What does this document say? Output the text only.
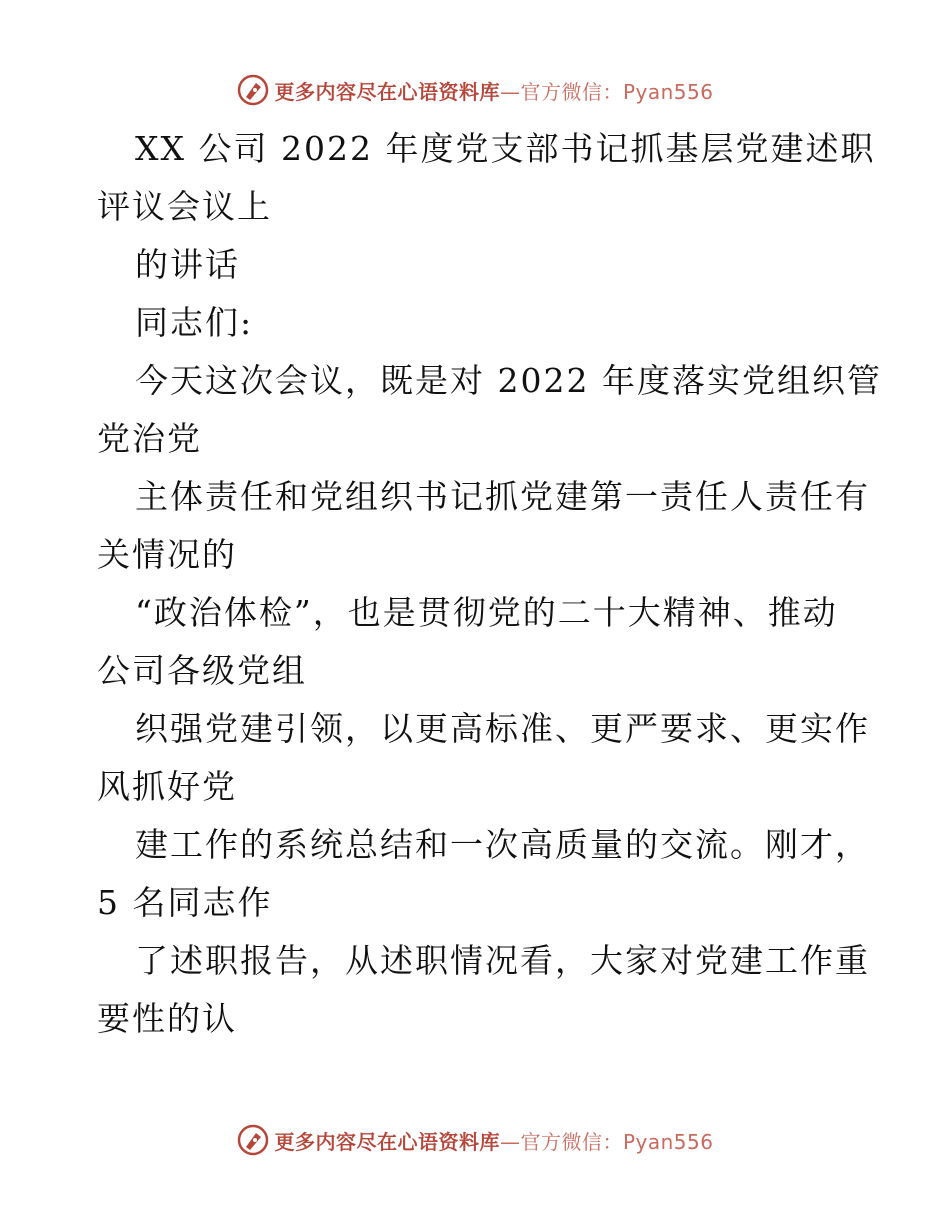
更多内容尽在心语资料库—官方微信：Pyan556
XX 公司 2022 年度党支部书记抓基层党建述职
评议会议上
的讲话
同志们:
今天这次会议，既是对 2022 年度落实党组织管
党治党
主体责任和党组织书记抓党建第一责任人责任有
关情况的
“政治体检”，也是贯彻党的二十大精神、推动
公司各级党组
织强党建引领，以更高标准、更严要求、更实作
风抓好党
建工作的系统总结和一次高质量的交流。刚才，
5 名同志作
了述职报告，从述职情况看，大家对党建工作重
要性的认
更多内容尽在心语资料库—官方微信：Pyan556
